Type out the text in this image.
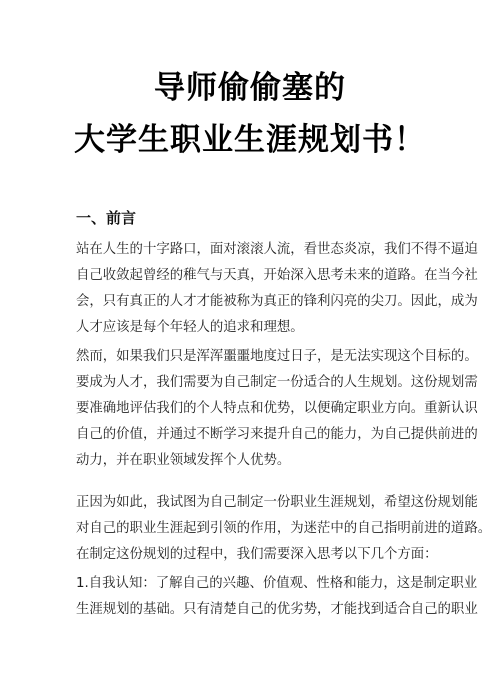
导师偷偷塞的
大学生职业生涯规划书！
一、前言

站在人生的十字路口，面对滚滚人流，看世态炎凉，我们不得不逼迫
自己收敛起曾经的稚气与天真，开始深入思考未来的道路。在当今社
会，只有真正的人才才能被称为真正的锋利闪亮的尖刀。因此，成为
人才应该是每个年轻人的追求和理想。

然而，如果我们只是浑浑噩噩地度过日子，是无法实现这个目标的。
要成为人才，我们需要为自己制定一份适合的人生规划。这份规划需
要准确地评估我们的个人特点和优势，以便确定职业方向。重新认识
自己的价值，并通过不断学习来提升自己的能力，为自己提供前进的
动力，并在职业领域发挥个人优势。

正因为如此，我试图为自己制定一份职业生涯规划，希望这份规划能
对自己的职业生涯起到引领的作用，为迷茫中的自己指明前进的道路。
在制定这份规划的过程中，我们需要深入思考以下几个方面：

1.自我认知：了解自己的兴趣、价值观、性格和能力，这是制定职业
生涯规划的基础。只有清楚自己的优劣势，才能找到适合自己的职业
